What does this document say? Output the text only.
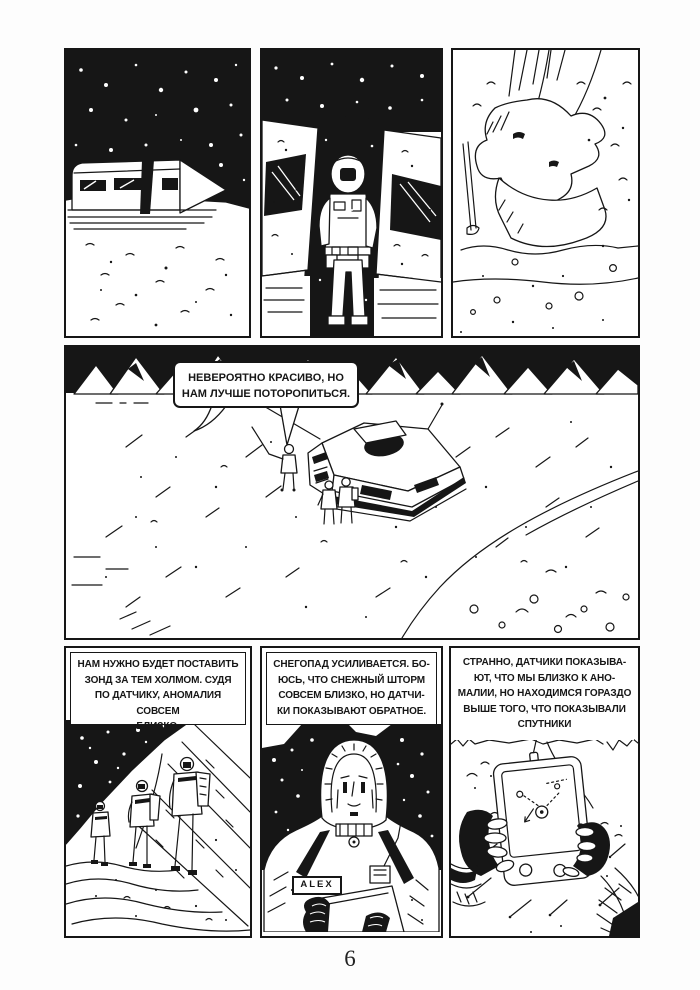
НЕВЕРОЯТНО КРАСИВО, НО
НАМ ЛУЧШЕ ПОТОРОПИТЬСЯ.
НАМ НУЖНО БУДЕТ ПОСТАВИТЬ
ЗОНД ЗА ТЕМ ХОЛМОМ. СУДЯ
ПО ДАТЧИКУ, АНОМАЛИЯ СОВСЕМ
БЛИЗКО.
СНЕГОПАД УСИЛИВАЕТСЯ. БО-
ЮСЬ, ЧТО СНЕЖНЫЙ ШТОРМ
СОВСЕМ БЛИЗКО, НО ДАТЧИ-
КИ ПОКАЗЫВАЮТ ОБРАТНОЕ.
ALEX
СТРАННО, ДАТЧИКИ ПОКАЗЫВА-
ЮТ, ЧТО МЫ БЛИЗКО К АНО-
МАЛИИ, НО НАХОДИМСЯ ГОРАЗДО
ВЫШЕ ТОГО, ЧТО ПОКАЗЫВАЛИ
СПУТНИКИ
6
